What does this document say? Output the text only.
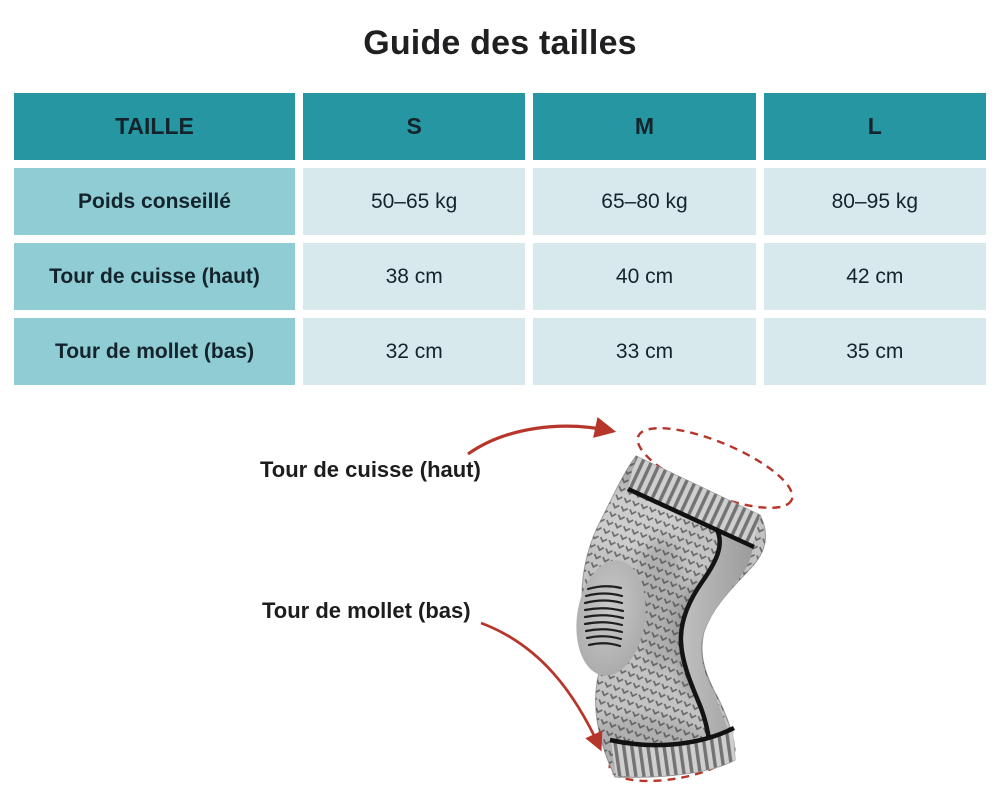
Guide des tailles
TAILLE	S	M	L
Poids conseillé	50–65 kg	65–80 kg	80–95 kg
Tour de cuisse (haut)	38 cm	40 cm	42 cm
Tour de mollet (bas)	32 cm	33 cm	35 cm
Tour de cuisse (haut)
Tour de mollet (bas)
